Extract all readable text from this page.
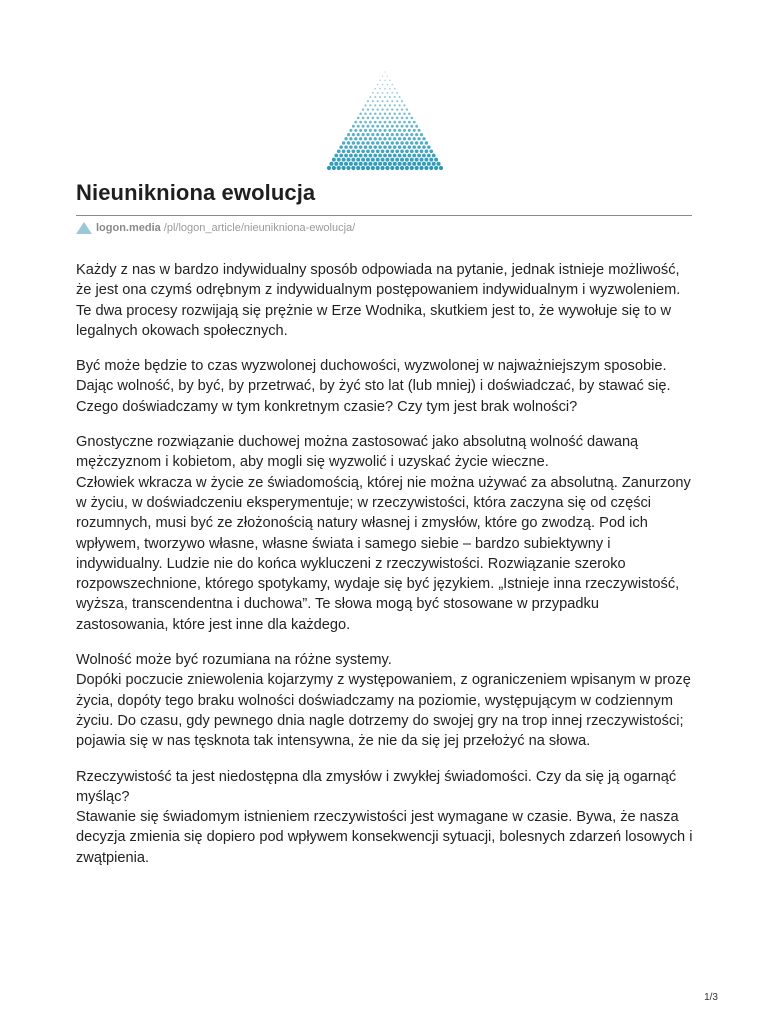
Nieunikniona ewolucja
logon.media /pl/logon_article/nieunikniona-ewolucja/

Każdy z nas w bardzo indywidualny sposób odpowiada na pytanie, jednak istnieje możliwość, że jest ona czymś odrębnym z indywidualnym postępowaniem indywidualnym i wyzwoleniem. Te dwa procesy rozwijają się prężnie w Erze Wodnika, skutkiem jest to, że wywołuje się to w legalnych okowach społecznych.

Być może będzie to czas wyzwolonej duchowości, wyzwolonej w najważniejszym sposobie. Dając wolność, by być, by przetrwać, by żyć sto lat (lub mniej) i doświadczać, by stawać się. Czego doświadczamy w tym konkretnym czasie? Czy tym jest brak wolności?

Gnostyczne rozwiązanie duchowej można zastosować jako absolutną wolność dawaną mężczyznom i kobietom, aby mogli się wyzwolić i uzyskać życie wieczne.
Człowiek wkracza w życie ze świadomością, której nie można używać za absolutną. Zanurzony w życiu, w doświadczeniu eksperymentuje; w rzeczywistości, która zaczyna się od części rozumnych, musi być ze złożonością natury własnej i zmysłów, które go zwodzą. Pod ich wpływem, tworzywo własne, własne świata i samego siebie – bardzo subiektywny i indywidualny. Ludzie nie do końca wykluczeni z rzeczywistości. Rozwiązanie szeroko rozpowszechnione, którego spotykamy, wydaje się być językiem. „Istnieje inna rzeczywistość, wyższa, transcendentna i duchowa”. Te słowa mogą być stosowane w przypadku zastosowania, które jest inne dla każdego.

Wolność może być rozumiana na różne systemy.
Dopóki poczucie zniewolenia kojarzymy z występowaniem, z ograniczeniem wpisanym w prozę życia, dopóty tego braku wolności doświadczamy na poziomie, występującym w codziennym życiu. Do czasu, gdy pewnego dnia nagle dotrzemy do swojej gry na trop innej rzeczywistości; pojawia się w nas tęsknota tak intensywna, że nie da się jej przełożyć na słowa.

Rzeczywistość ta jest niedostępna dla zmysłów i zwykłej świadomości. Czy da się ją ogarnąć myśląc?
Stawanie się świadomym istnieniem rzeczywistości jest wymagane w czasie. Bywa, że nasza decyzja zmienia się dopiero pod wpływem konsekwencji sytuacji, bolesnych zdarzeń losowych i zwątpienia.

1/3
